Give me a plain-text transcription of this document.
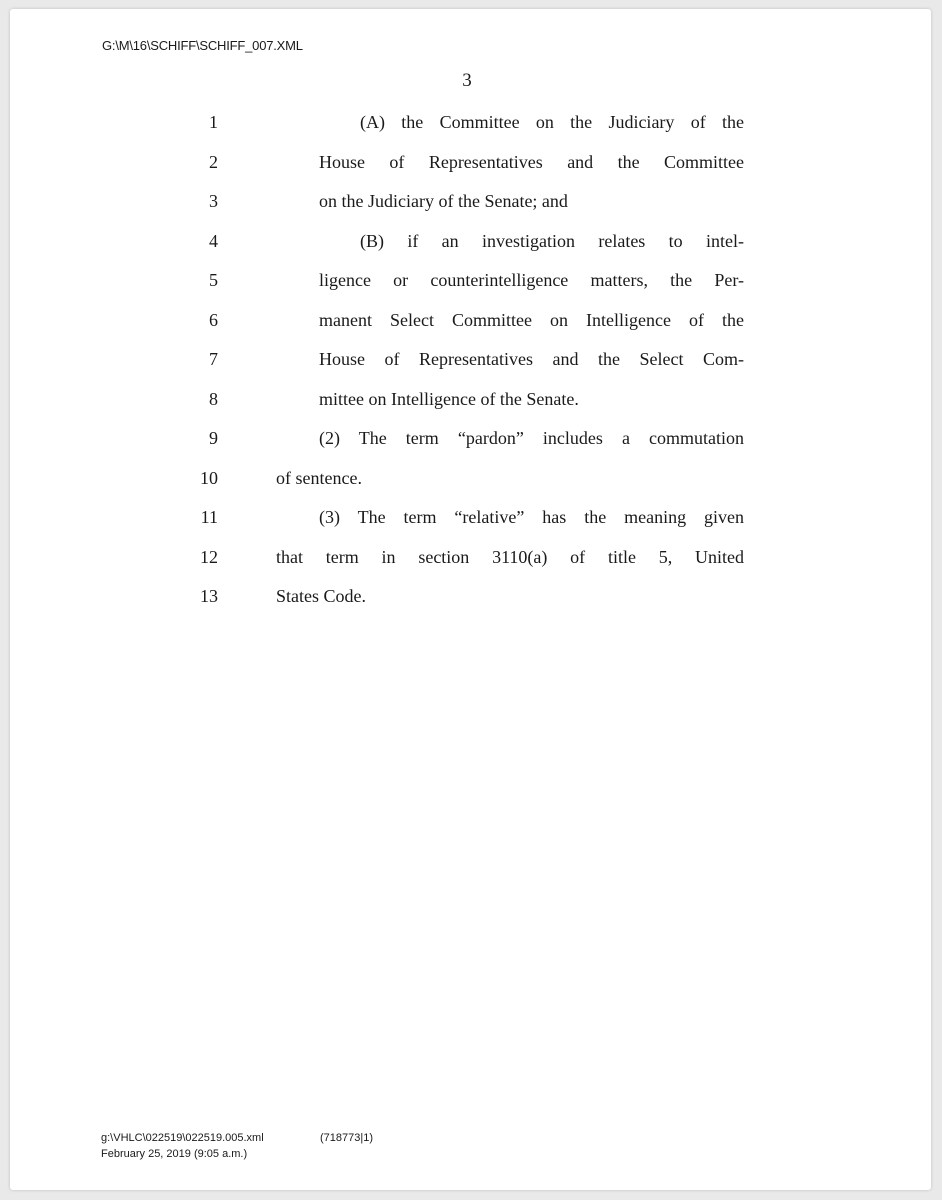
G:\M\16\SCHIFF\SCHIFF_007.XML
3
1	(A) the Committee on the Judiciary of the
2	House of Representatives and the Committee
3	on the Judiciary of the Senate; and
4	(B) if an investigation relates to intel-
5	ligence or counterintelligence matters, the Per-
6	manent Select Committee on Intelligence of the
7	House of Representatives and the Select Com-
8	mittee on Intelligence of the Senate.
9	(2) The term “pardon” includes a commutation
10	of sentence.
11	(3) The term “relative” has the meaning given
12	that term in section 3110(a) of title 5, United
13	States Code.
g:\VHLC\022519\022519.005.xml
February 25, 2019 (9:05 a.m.)
(718773|1)
